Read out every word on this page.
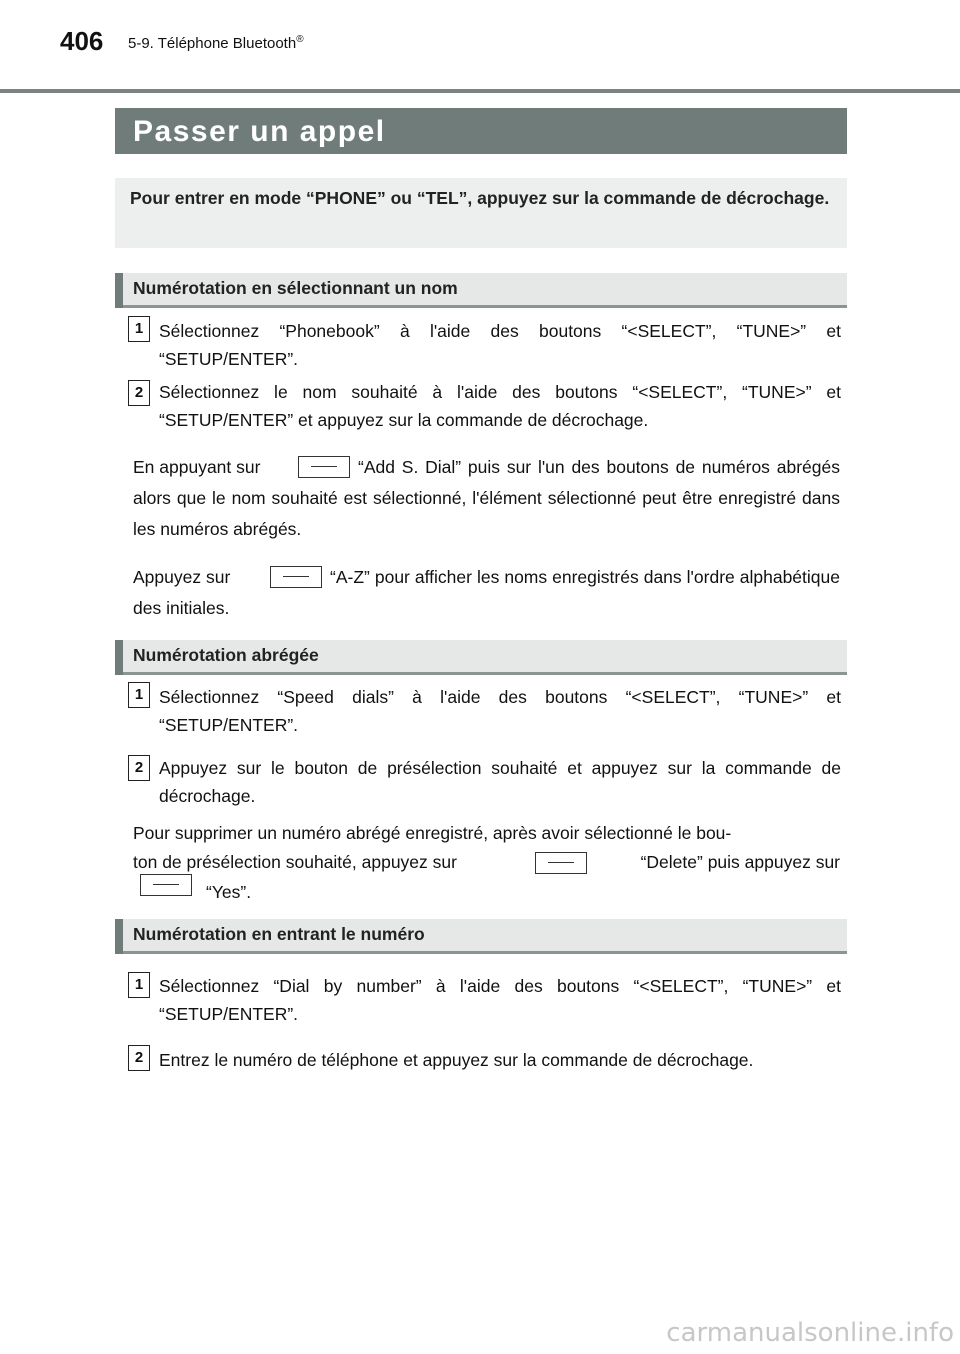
406 5-9. Téléphone Bluetooth®
Passer un appel

Pour entrer en mode “PHONE” ou “TEL”, appuyez sur la commande de décrochage.

Numérotation en sélectionnant un nom
1 Sélectionnez “Phonebook” à l'aide des boutons “<SELECT”, “TUNE>” et “SETUP/ENTER”.

2 Sélectionnez le nom souhaité à l'aide des boutons “<SELECT”, “TUNE>” et “SETUP/ENTER” et appuyez sur la commande de décrochage.

En appuyant sur	“Add S. Dial” puis sur l'un des boutons de numéros abrégés alors que le nom souhaité est sélectionné, l'élément sélectionné peut être enregistré dans les numéros abrégés.

Appuyez sur	“A-Z” pour afficher les noms enregistrés dans l'ordre alphabétique des initiales.

Numérotation abrégée
1 Sélectionnez “Speed dials” à l'aide des boutons “<SELECT”, “TUNE>” et “SETUP/ENTER”.

2 Appuyez sur le bouton de présélection souhaité et appuyez sur la commande de décrochage.

Pour supprimer un numéro abrégé enregistré, après avoir sélectionné le bou-
ton de présélection souhaité, appuyez sur	“Delete” puis appuyez sur
“Yes”.
Numérotation en entrant le numéro
1 Sélectionnez “Dial by number” à l'aide des boutons “<SELECT”, “TUNE>” et “SETUP/ENTER”.

2 Entrez le numéro de téléphone et appuyez sur la commande de décrochage.

carmanualsonline.info
